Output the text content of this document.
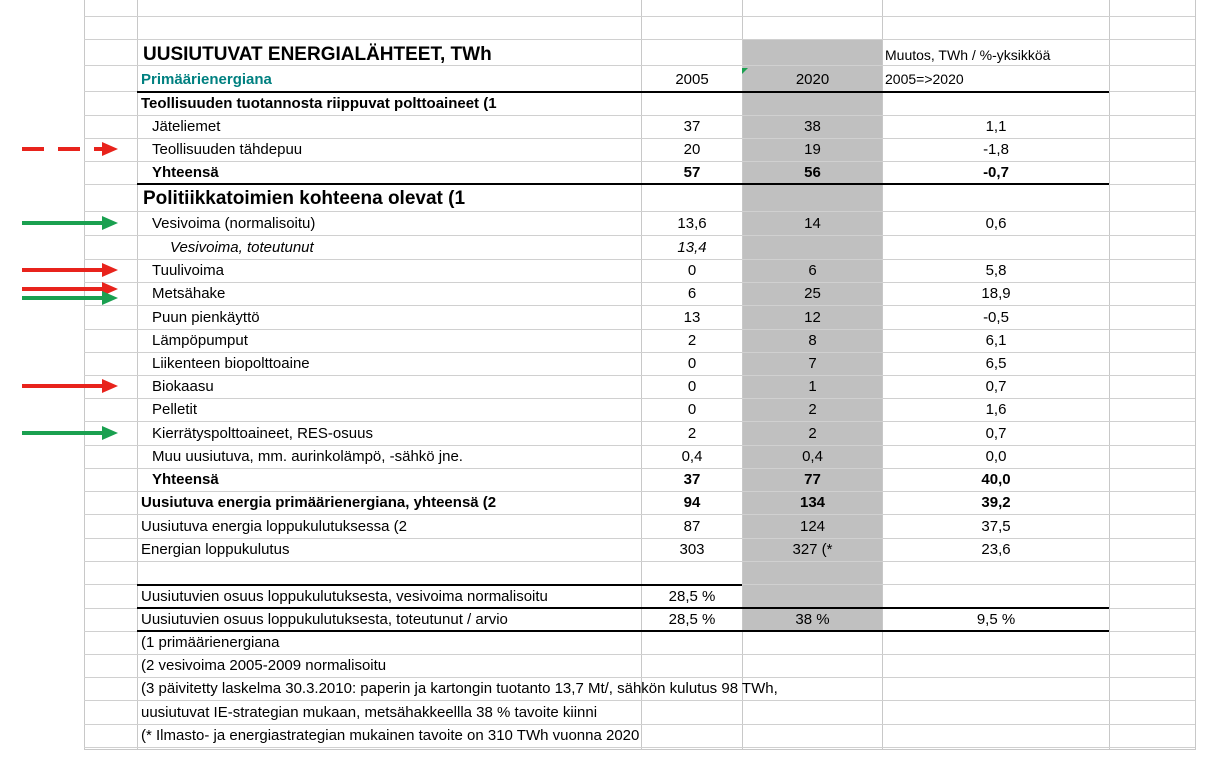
UUSIUTUVAT ENERGIALÄHTEET, TWh
Primäärienergiana	2005	2020
Muutos, TWh / %-yksikköä
2005=>2020
Teollisuuden tuotannosta riippuvat polttoaineet (1
Jäteliemet	37	38	1,1
Teollisuuden tähdepuu	20	19	-1,8
Yhteensä	57	56	-0,7
Politiikkatoimien kohteena olevat (1
Vesivoima (normalisoitu)	13,6	14	0,6
Vesivoima, toteutunut	13,4
Tuulivoima	0	6	5,8
Metsähake	6	25	18,9
Puun pienkäyttö	13	12	-0,5
Lämpöpumput	2	8	6,1
Liikenteen biopolttoaine	0	7	6,5
Biokaasu	0	1	0,7
Pelletit	0	2	1,6
Kierrätyspolttoaineet, RES-osuus	2	2	0,7
Muu uusiutuva, mm. aurinkolämpö, -sähkö jne.	0,4	0,4	0,0
Yhteensä	37	77	40,0
Uusiutuva energia primäärienergiana, yhteensä (2	94	134	39,2
Uusiutuva energia loppukulutuksessa (2	87	124	37,5
Energian loppukulutus	303	327 (*	23,6
Uusiutuvien osuus loppukulutuksesta, vesivoima normalisoitu	28,5 %
Uusiutuvien osuus loppukulutuksesta, toteutunut / arvio	28,5 %	38 %	9,5 %
(1 primäärienergiana
(2 vesivoima 2005-2009 normalisoitu
(3 päivitetty laskelma 30.3.2010: paperin ja kartongin tuotanto 13,7 Mt/, sähkön kulutus 98 TWh,
uusiutuvat IE-strategian mukaan, metsähakkeellla 38 % tavoite kiinni
(* Ilmasto- ja energiastrategian mukainen tavoite on 310 TWh vuonna 2020
